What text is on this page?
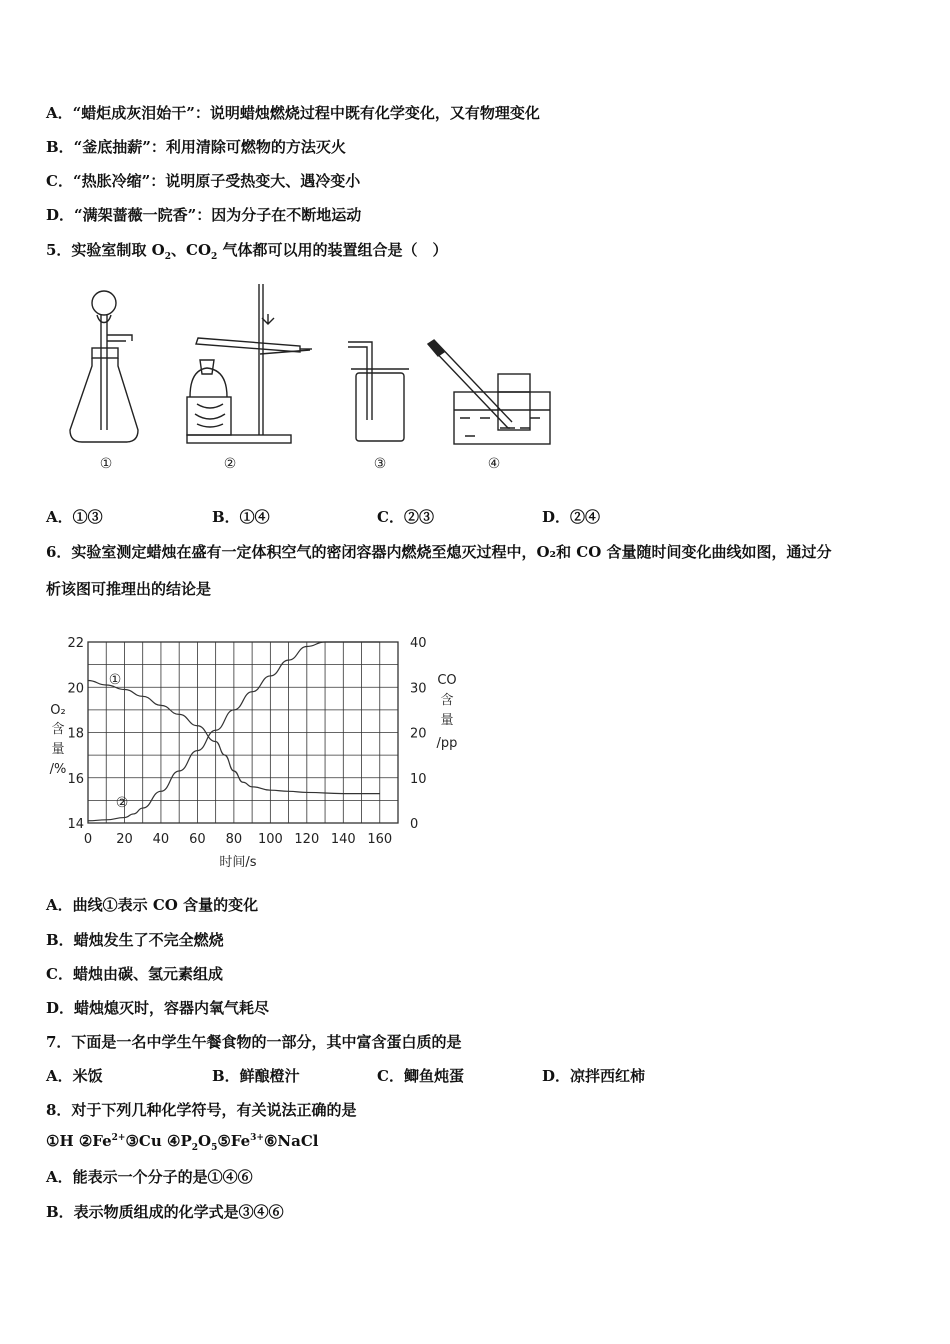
A．“蜡炬成灰泪始干”：说明蜡烛燃烧过程中既有化学变化，又有物理变化
B．“釜底抽薪”：利用清除可燃物的方法灭火
C．“热胀冷缩”：说明原子受热变大、遇冷变小
D．“满架蔷薇一院香”：因为分子在不断地运动
5．实验室制取 $O_2$、$CO_2$ 气体都可以用的装置组合是（　）
①	②	③	④
A．①③	B．①④	C．②③	D．②④
6．实验室测定蜡烛在盛有一定体积空气的密闭容器内燃烧至熄灭过程中，O₂和 CO 含量随时间变化曲线如图，通过分
析该图可推理出的结论是
0 20 40 60 80 100 120 140 160
14
16
18
20
22
0
10
20
30
40
①
②
O₂
含
量
/%
CO
含
量
/pp
时间/s
A．曲线①表示 CO 含量的变化
B．蜡烛发生了不完全燃烧
C．蜡烛由碳、氢元素组成
D．蜡烛熄灭时，容器内氧气耗尽
7．下面是一名中学生午餐食物的一部分，其中富含蛋白质的是
A．米饭	B．鲜酿橙汁	C．鲫鱼炖蛋	D．凉拌西红柿
8．对于下列几种化学符号，有关说法正确的是
①H $②Fe^{2+}③Cu$ $④P_2O_5⑤Fe^{3+}⑥NaCl$
A．能表示一个分子的是①④⑥
B．表示物质组成的化学式是③④⑥
